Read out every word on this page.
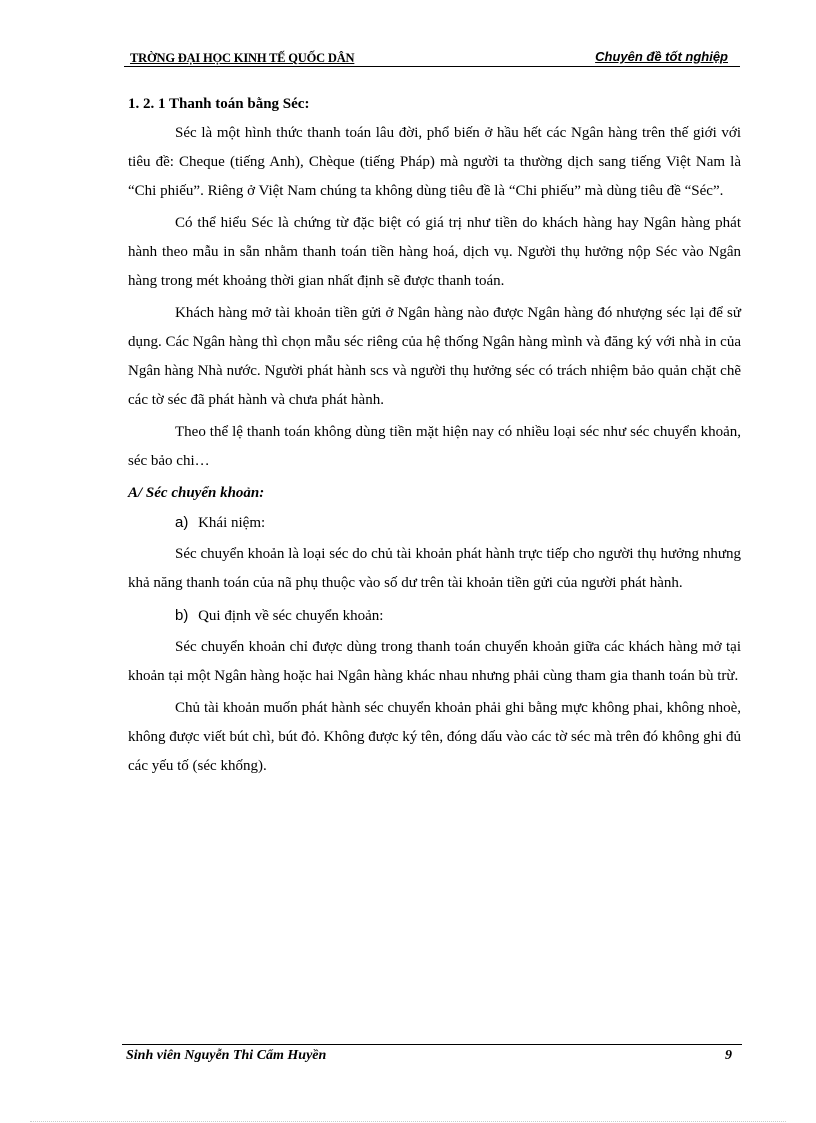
TRỜNG ĐẠI HỌC KINH TẾ QUỐC DÂN	Chuyên đề tốt nghiệp
1. 2. 1 Thanh toán bằng Séc:

Séc là một hình thức thanh toán lâu đời, phổ biến ở hầu hết các Ngân hàng trên thế giới với tiêu đề: Cheque (tiếng Anh), Chèque (tiếng Pháp) mà người ta thường dịch sang tiếng Việt Nam là “Chi phiếu”. Riêng ở Việt Nam chúng ta không dùng tiêu đề là “Chi phiếu” mà dùng tiêu đề “Séc”.

Có thể hiểu Séc là chứng từ đặc biệt có giá trị như tiền do khách hàng hay Ngân hàng phát hành theo mẫu in sẵn nhằm thanh toán tiền hàng hoá, dịch vụ. Người thụ hưởng nộp Séc vào Ngân hàng trong mét khoảng thời gian nhất định sẽ được thanh toán.

Khách hàng mở tài khoản tiền gửi ở Ngân hàng nào được Ngân hàng đó nhượng séc lại để sử dụng. Các Ngân hàng thì chọn mẫu séc riêng của hệ thống Ngân hàng mình và đăng ký với nhà in của Ngân hàng Nhà nước. Người phát hành scs và người thụ hưởng séc có trách nhiệm bảo quản chặt chẽ các tờ séc đã phát hành và chưa phát hành.

Theo thể lệ thanh toán không dùng tiền mặt hiện nay có nhiều loại séc như séc chuyển khoản, séc bảo chi…

A/ Séc chuyển khoản:
a) Khái niệm:

Séc chuyển khoản là loại séc do chủ tài khoản phát hành trực tiếp cho người thụ hưởng nhưng khả năng thanh toán của nã phụ thuộc vào số dư trên tài khoản tiền gửi của người phát hành.

b) Qui định về séc chuyển khoản:

Séc chuyển khoản chỉ được dùng trong thanh toán chuyển khoản giữa các khách hàng mở tại khoản tại một Ngân hàng hoặc hai Ngân hàng khác nhau nhưng phải cùng tham gia thanh toán bù trừ.

Chủ tài khoản muốn phát hành séc chuyển khoản phải ghi bằng mực không phai, không nhoè, không được viết bút chì, bút đỏ. Không được ký tên, đóng dấu vào các tờ séc mà trên đó không ghi đủ các yếu tố (séc khống).

Sinh viên Nguyễn Thi Cẩm Huyền	9
